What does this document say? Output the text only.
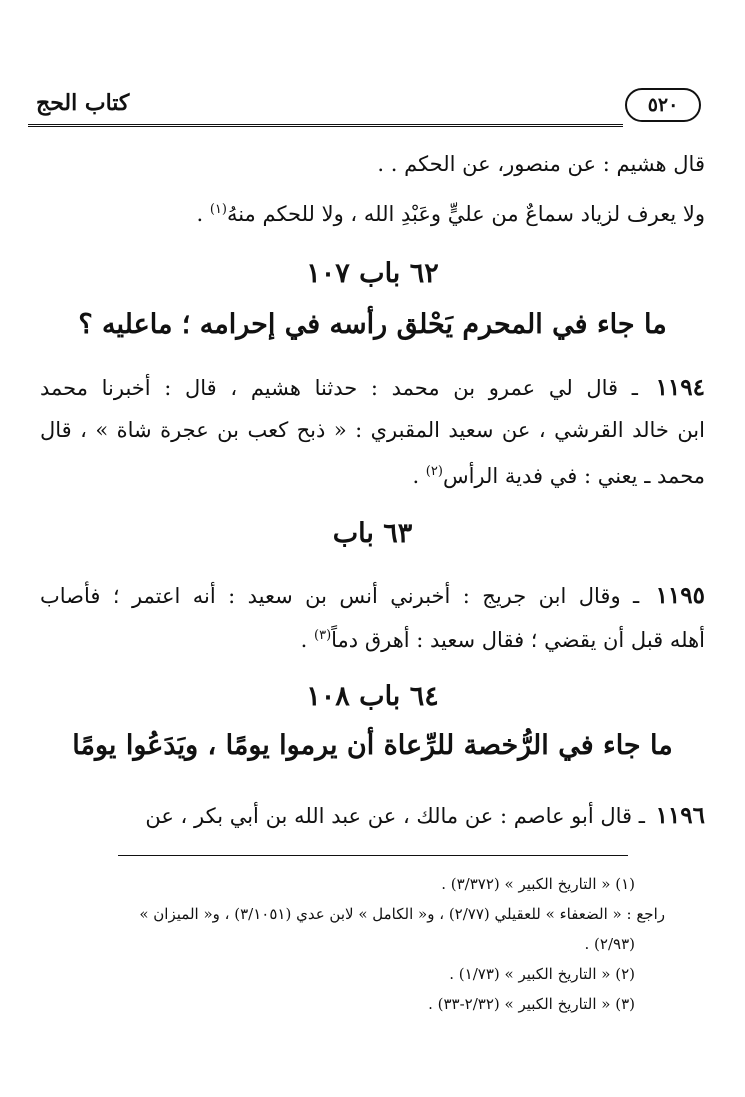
٥٢٠
كتاب الحج
قال هشيم : عن منصور، عن الحكم . .
ولا يعرف لزياد سماعٌ من عليٍّ وعَبْدِ الله ، ولا للحكم منهُ$^{(١)}$ .
٦٢ باب ١٠٧
ما جاء في المحرم يَحْلق رأسه في إحرامه ؛ ماعليه ؟
١١٩٤ ـ قال لي عمرو بن محمد : حدثنا هشيم ، قال : أخبرنا محمد
ابن خالد القرشي ، عن سعيد المقبري : « ذبح كعب بن عجرة شاة » ، قال
محمد ـ يعني : في فدية الرأس$^{(٢)}$ .
٦٣ باب
١١٩٥ ـ وقال ابن جريج : أخبرني أنس بن سعيد : أنه اعتمر ؛ فأصاب
أهله قبل أن يقضي ؛ فقال سعيد : أهرق دماً$^{(٣)}$ .
٦٤ باب ١٠٨
ما جاء في الرُّخصة للرِّعاة أن يرموا يومًا ، ويَدَعُوا يومًا
١١٩٦ ـ قال أبو عاصم : عن مالك ، عن عبد الله بن أبي بكر ، عن
(١) « التاريخ الكبير » (٣/٣٧٢) .
راجع : « الضعفاء » للعقيلي (٢/٧٧) ، و« الكامل » لابن عدي (٣/١٠٥١) ، و« الميزان »
(٢/٩٣) .
(٢) « التاريخ الكبير » (١/٧٣) .
(٣) « التاريخ الكبير » (٢/٣٢-٣٣) .
